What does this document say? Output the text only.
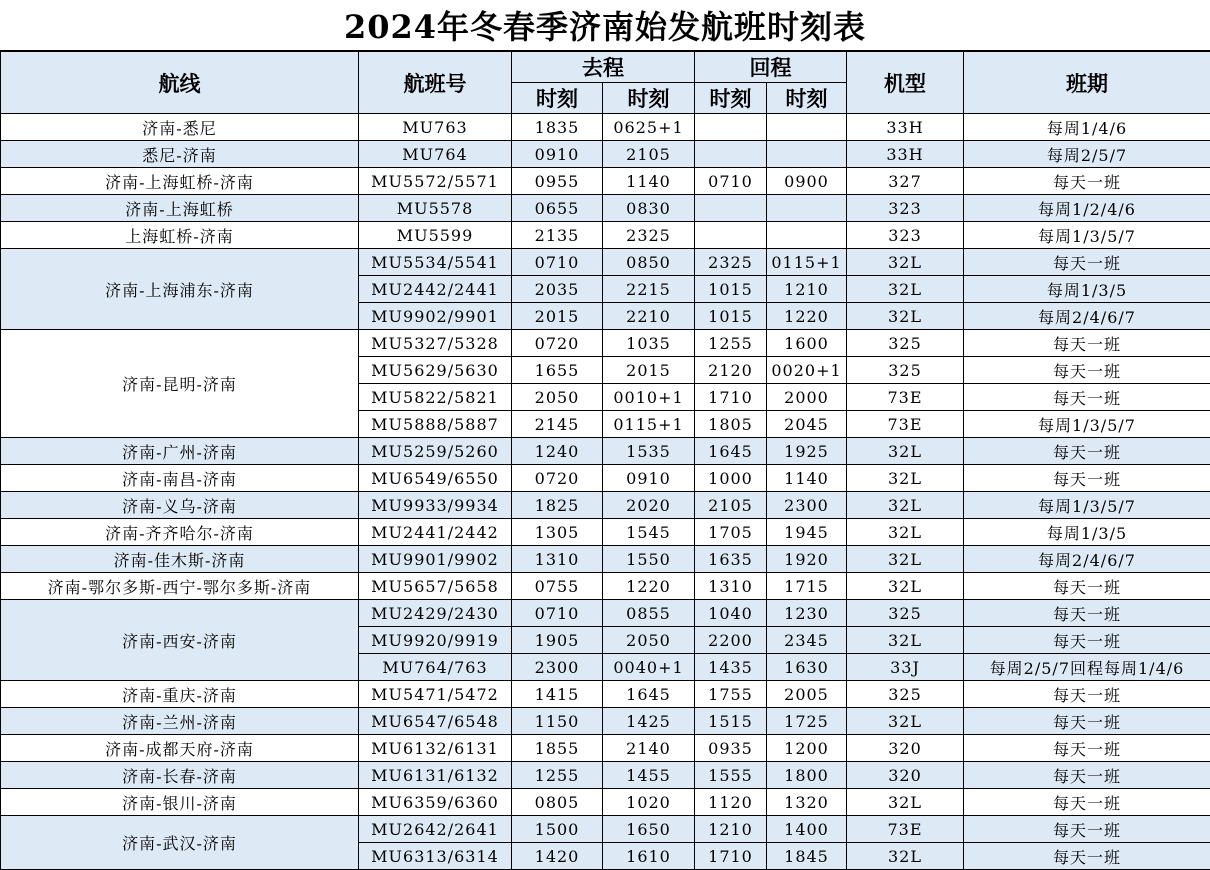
2024年冬春季济南始发航班时刻表
航线	航班号	去程		回程		机型	班期
		时刻	时刻	时刻	时刻		
济南-悉尼	MU763	1835	0625+1			33H	每周1/4/6
悉尼-济南	MU764	0910	2105			33H	每周2/5/7
济南-上海虹桥-济南	MU5572/5571	0955	1140	0710	0900	327	每天一班
济南-上海虹桥	MU5578	0655	0830			323	每周1/2/4/6
上海虹桥-济南	MU5599	2135	2325			323	每周1/3/5/7
济南-上海浦东-济南	MU5534/5541	0710	0850	2325	0115+1	32L	每天一班
	MU2442/2441	2035	2215	1015	1210	32L	每周1/3/5
	MU9902/9901	2015	2210	1015	1220	32L	每周2/4/6/7
济南-昆明-济南	MU5327/5328	0720	1035	1255	1600	325	每天一班
	MU5629/5630	1655	2015	2120	0020+1	325	每天一班
	MU5822/5821	2050	0010+1	1710	2000	73E	每天一班
	MU5888/5887	2145	0115+1	1805	2045	73E	每周1/3/5/7
济南-广州-济南	MU5259/5260	1240	1535	1645	1925	32L	每天一班
济南-南昌-济南	MU6549/6550	0720	0910	1000	1140	32L	每天一班
济南-义乌-济南	MU9933/9934	1825	2020	2105	2300	32L	每周1/3/5/7
济南-齐齐哈尔-济南	MU2441/2442	1305	1545	1705	1945	32L	每周1/3/5
济南-佳木斯-济南	MU9901/9902	1310	1550	1635	1920	32L	每周2/4/6/7
济南-鄂尔多斯-西宁-鄂尔多斯-济南	MU5657/5658	0755	1220	1310	1715	32L	每天一班
济南-西安-济南	MU2429/2430	0710	0855	1040	1230	325	每天一班
	MU9920/9919	1905	2050	2200	2345	32L	每天一班
	MU764/763	2300	0040+1	1435	1630	33J	每周2/5/7回程每周1/4/6
济南-重庆-济南	MU5471/5472	1415	1645	1755	2005	325	每天一班
济南-兰州-济南	MU6547/6548	1150	1425	1515	1725	32L	每天一班
济南-成都天府-济南	MU6132/6131	1855	2140	0935	1200	320	每天一班
济南-长春-济南	MU6131/6132	1255	1455	1555	1800	320	每天一班
济南-银川-济南	MU6359/6360	0805	1020	1120	1320	32L	每天一班
济南-武汉-济南	MU2642/2641	1500	1650	1210	1400	73E	每天一班
	MU6313/6314	1420	1610	1710	1845	32L	每天一班
